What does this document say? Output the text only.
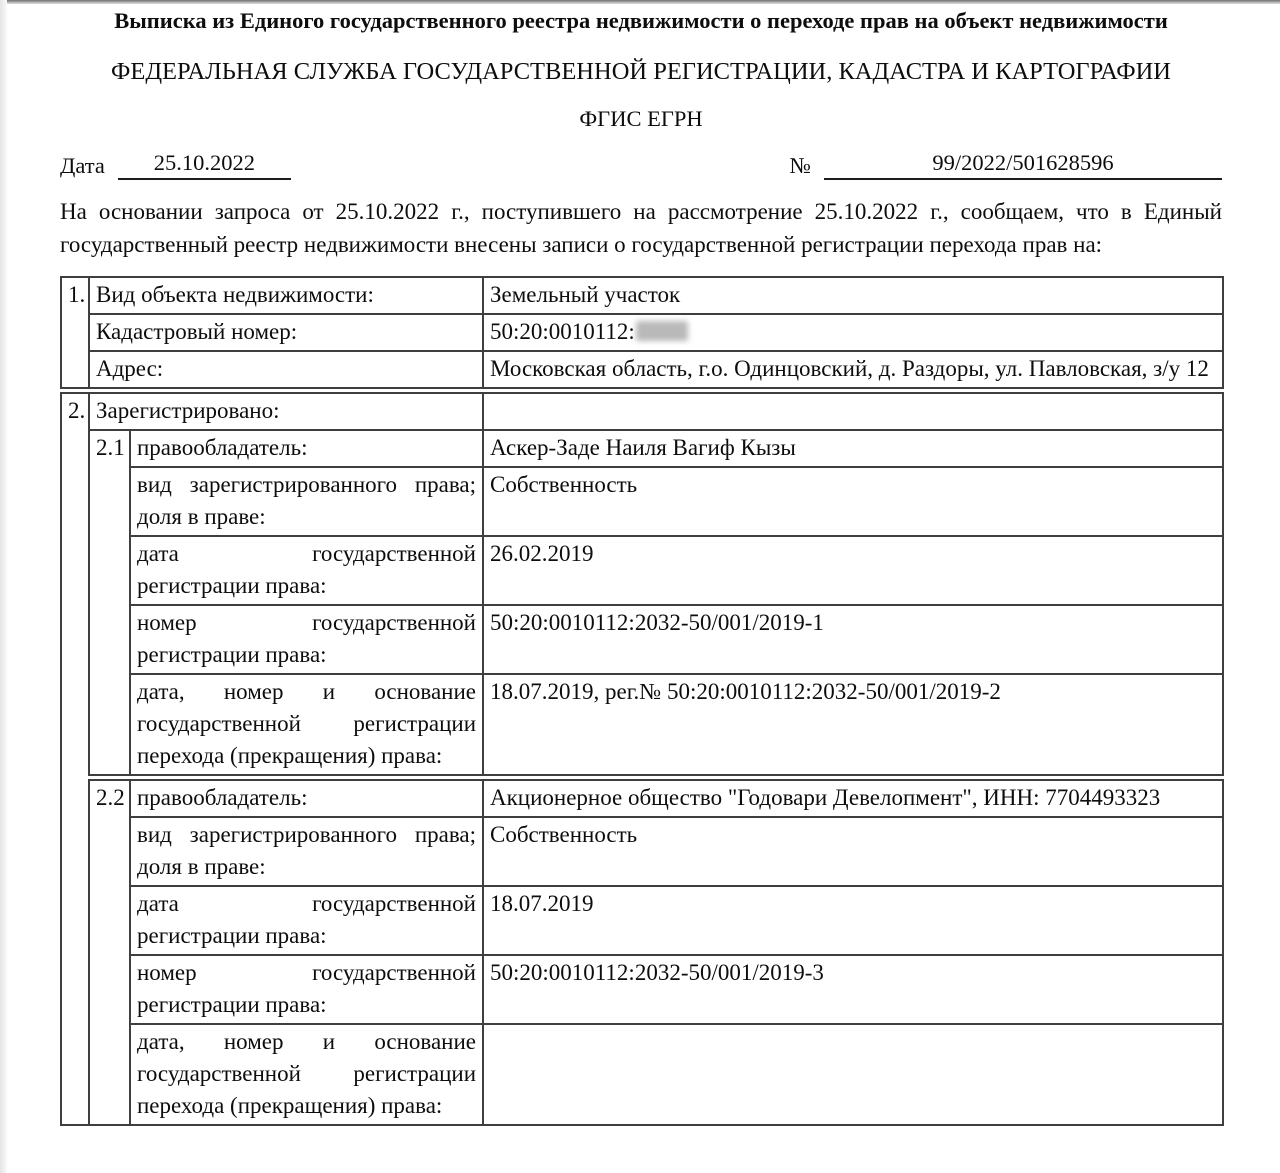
Выписка из Единого государственного реестра недвижимости о переходе прав на объект недвижимости
ФЕДЕРАЛЬНАЯ СЛУЖБА ГОСУДАРСТВЕННОЙ РЕГИСТРАЦИИ, КАДАСТРА И КАРТОГРАФИИ
ФГИС ЕГРН
Дата	25.10.2022	№	99/2022/501628596
На основании запроса от 25.10.2022 г., поступившего на рассмотрение 25.10.2022 г., сообщаем, что в Единый государственный реестр недвижимости внесены записи о государственной регистрации перехода прав на:
1.	Вид объекта недвижимости:	Земельный участок
	Кадастровый номер:	50:20:0010112:
	Адрес:	Московская область, г.о. Одинцовский, д. Раздоры, ул. Павловская, з/у 12
2.	Зарегистрировано:		
	2.1	правообладатель:	Аскер-Заде Наиля Вагиф Кызы
		вид зарегистрированного права; доля в праве:	Собственность
		дата государственной регистрации права:	26.02.2019
		номер государственной регистрации права:	50:20:0010112:2032-50/001/2019-1
		дата, номер и основание государственной регистрации перехода (прекращения) права:	18.07.2019, рег.№ 50:20:0010112:2032-50/001/2019-2
	2.2	правообладатель:	Акционерное общество "Годовари Девелопмент", ИНН: 7704493323
		вид зарегистрированного права; доля в праве:	Собственность
		дата государственной регистрации права:	18.07.2019
		номер государственной регистрации права:	50:20:0010112:2032-50/001/2019-3
		дата, номер и основание государственной регистрации перехода (прекращения) права:	
